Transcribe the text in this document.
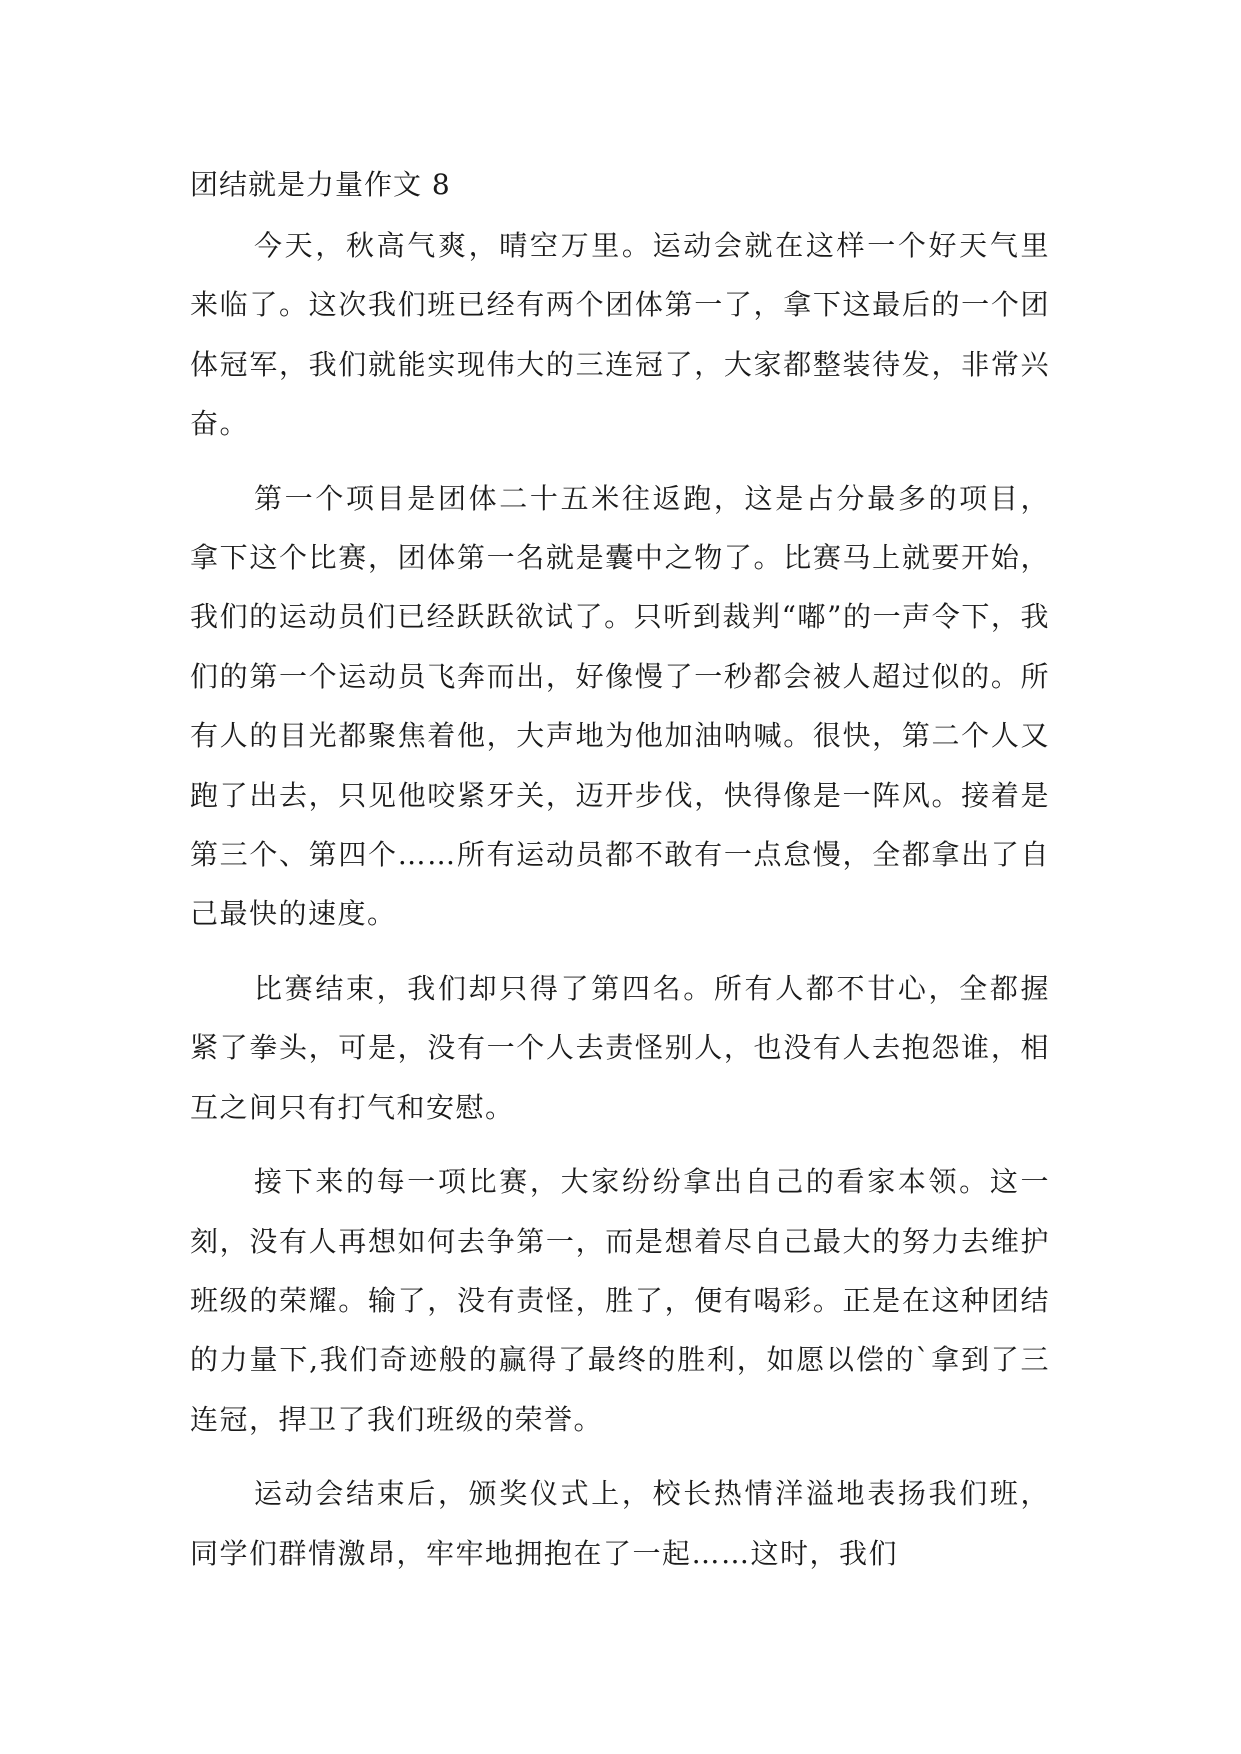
团结就是力量作文 8

今天，秋高气爽，晴空万里。运动会就在这样一个好天气里来临了。这次我们班已经有两个团体第一了，拿下这最后的一个团体冠军，我们就能实现伟大的三连冠了，大家都整装待发，非常兴奋。

第一个项目是团体二十五米往返跑，这是占分最多的项目，拿下这个比赛，团体第一名就是囊中之物了。比赛马上就要开始，我们的运动员们已经跃跃欲试了。只听到裁判“嘟”的一声令下，我们的第一个运动员飞奔而出，好像慢了一秒都会被人超过似的。所有人的目光都聚焦着他，大声地为他加油呐喊。很快，第二个人又跑了出去，只见他咬紧牙关，迈开步伐，快得像是一阵风。接着是第三个、第四个……所有运动员都不敢有一点怠慢，全都拿出了自己最快的速度。

比赛结束，我们却只得了第四名。所有人都不甘心，全都握紧了拳头，可是，没有一个人去责怪别人，也没有人去抱怨谁，相互之间只有打气和安慰。

接下来的每一项比赛，大家纷纷拿出自己的看家本领。这一刻，没有人再想如何去争第一，而是想着尽自己最大的努力去维护班级的荣耀。输了，没有责怪，胜了，便有喝彩。正是在这种团结的力量下,我们奇迹般的赢得了最终的胜利，如愿以偿的`拿到了三连冠，捍卫了我们班级的荣誉。

运动会结束后，颁奖仪式上，校长热情洋溢地表扬我们班，同学们群情激昂，牢牢地拥抱在了一起……这时，我们
